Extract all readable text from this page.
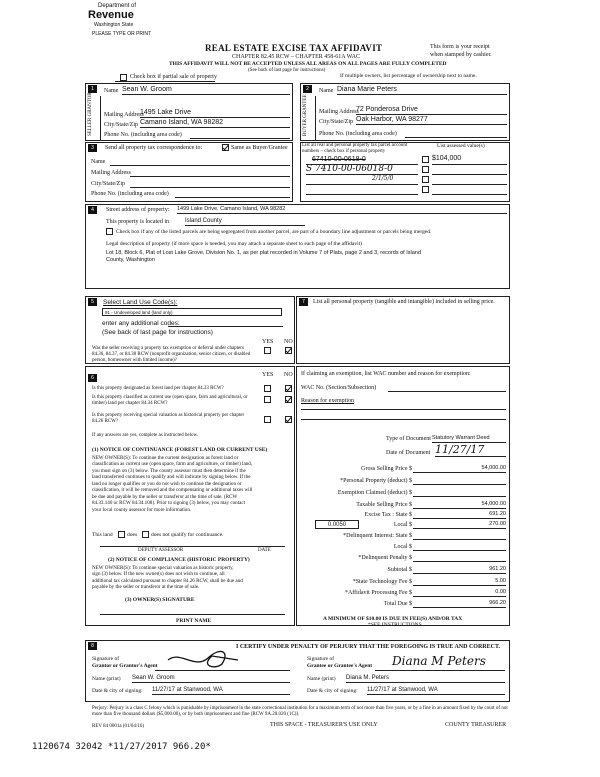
Department of
Revenue
Washington State
PLEASE TYPE OR PRINT
REAL ESTATE EXCISE TAX AFFIDAVIT
CHAPTER 82.45 RCW – CHAPTER 458-61A WAC
THIS AFFIDAVIT WILL NOT BE ACCEPTED UNLESS ALL AREAS ON ALL PAGES ARE FULLY COMPLETED
(See back of last page for instructions)
This form is your receipt
when stamped by cashier.
Check box if partial sale of property	If multiple owners, list percentage of ownership next to name.
1	2
SELLER GRANTOR	BUYER GRANTEE
Name Sean W. Groom
Mailing Address
1495 Lake Drive
City/State/Zip Camano Island, WA 98282
Phone No. (including area code)
Name Diana Marie Peters
Mailing Address
72 Ponderosa Drive
City/State/Zip Oak Harbor, WA 98277
Phone No. (including area code)
3	Send all property tax correspondence to:	Same as Buyer/Grantee
Name
Mailing Address
City/State/Zip
Phone No. (including area code)
List all real and personal property tax parcel account numbers – check box if personal property
List assessed value(s)
67410-00-0618-0
S 7410-00-06018-0
2/1/5/0
$104,000
4	Street address of property: 1499 Lake Drive, Camano Island, WA 98282
This property is located in	Island County
Check box if any of the listed parcels are being segregated from another parcel, are part of a boundary line adjustment or parcels being merged.
Legal description of property (if more space is needed, you may attach a separate sheet to each page of the affidavit)
Lot 18, Block 6, Plat of Lost Lake Grove, Division No. 1, as per plat recorded in Volume 7 of Plats, page 2 and 3, records of Island
County, Washington
5	Select Land Use Code(s):
91 - Undeveloped land (land only)
enter any additional codes:
(See back of last page for instructions)
YES NO
Was the seller receiving a property tax exemption or deferral under chapters 84.36, 84.37, or 84.38 RCW (nonprofit organization, senior citizen, or disabled person, homeowner with limited income)?
7	List all personal property (tangible and intangible) included in selling price.
6	YES NO
Is this property designated as forest land per chapter 84.33 RCW?
Is this property classified as current use (open space, farm and agricultural, or timber) land per chapter 84.34 RCW?
Is this property receiving special valuation as historical property per chapter 84.26 RCW?
If any answers are yes, complete as instructed below.
(1) NOTICE OF CONTINUANCE (FOREST LAND OR CURRENT USE)
NEW OWNER(S): To continue the current designation as forest land or
classification as current use (open space, farm and agriculture, or timber) land,
you must sign on (3) below. The county assessor must then determine if the
land transferred continues to qualify and will indicate by signing below. If the
land no longer qualifies or you do not wish to continue the designation or
classification, it will be removed and the compensating or additional taxes will
be due and payable by the seller or transferor at the time of sale. (RCW
84.33.140 or RCW 84.34.108). Prior to signing (3) below, you may contact
your local county assessor for more information.
This land	does	does not qualify for continuance.
DEPUTY ASSESSOR	DATE
(2) NOTICE OF COMPLIANCE (HISTORIC PROPERTY)
NEW OWNER(S): To continue special valuation as historic property,
sign (3) below. If the new owner(s) does not wish to continue, all
additional tax calculated pursuant to chapter 84.26 RCW, shall be due and
payable by the seller or transferor at the time of sale.
(3) OWNER(S) SIGNATURE
PRINT NAME
If claiming an exemption, list WAC number and reason for exemption:
WAC No. (Section/Subsection)
Reason for exemption
Type of Document Statutory Warrant Deed
Date of Document 11/27/17
Gross Selling Price $	54,000.00
*Personal Property (deduct) $
Exemption Claimed (deduct) $
Taxable Selling Price $	54,000.00
Excise Tax : State $	691.20
0.0050	Local $	270.00
*Delinquent Interest: State $
Local $
*Delinquent Penalty $
Subtotal $	961.20
*State Technology Fee $	5.00
*Affidavit Processing Fee $	0.00
Total Due $	966.20
A MINIMUM OF $10.00 IS DUE IN FEE(S) AND/OR TAX
*SEE INSTRUCTIONS
8	I CERTIFY UNDER PENALTY OF PERJURY THAT THE FOREGOING IS TRUE AND CORRECT.
Signature of
Grantor or Grantor's Agent
Signature of
Grantee or Grantee's Agent Diana M Peters
Name (print) Sean W. Groom	Name (print) Diana M. Peters
Date & city of signing: 11/27/17 at Stanwood, WA	Date & city of signing: 11/27/17 at Stanwood, WA
Perjury: Perjury is a class C felony which is punishable by imprisonment in the state correctional institution for a maximum term of not more than five years, or by a fine in an amount fixed by the court of not more than five thousand dollars ($5,000.00), or by both imprisonment and fine (RCW 9A.20.020 (1C)).
REV 84 0001a (01/04/16)	THIS SPACE - TREASURER'S USE ONLY	COUNTY TREASURER
1120674 32042 *11/27/2017 966.20*
